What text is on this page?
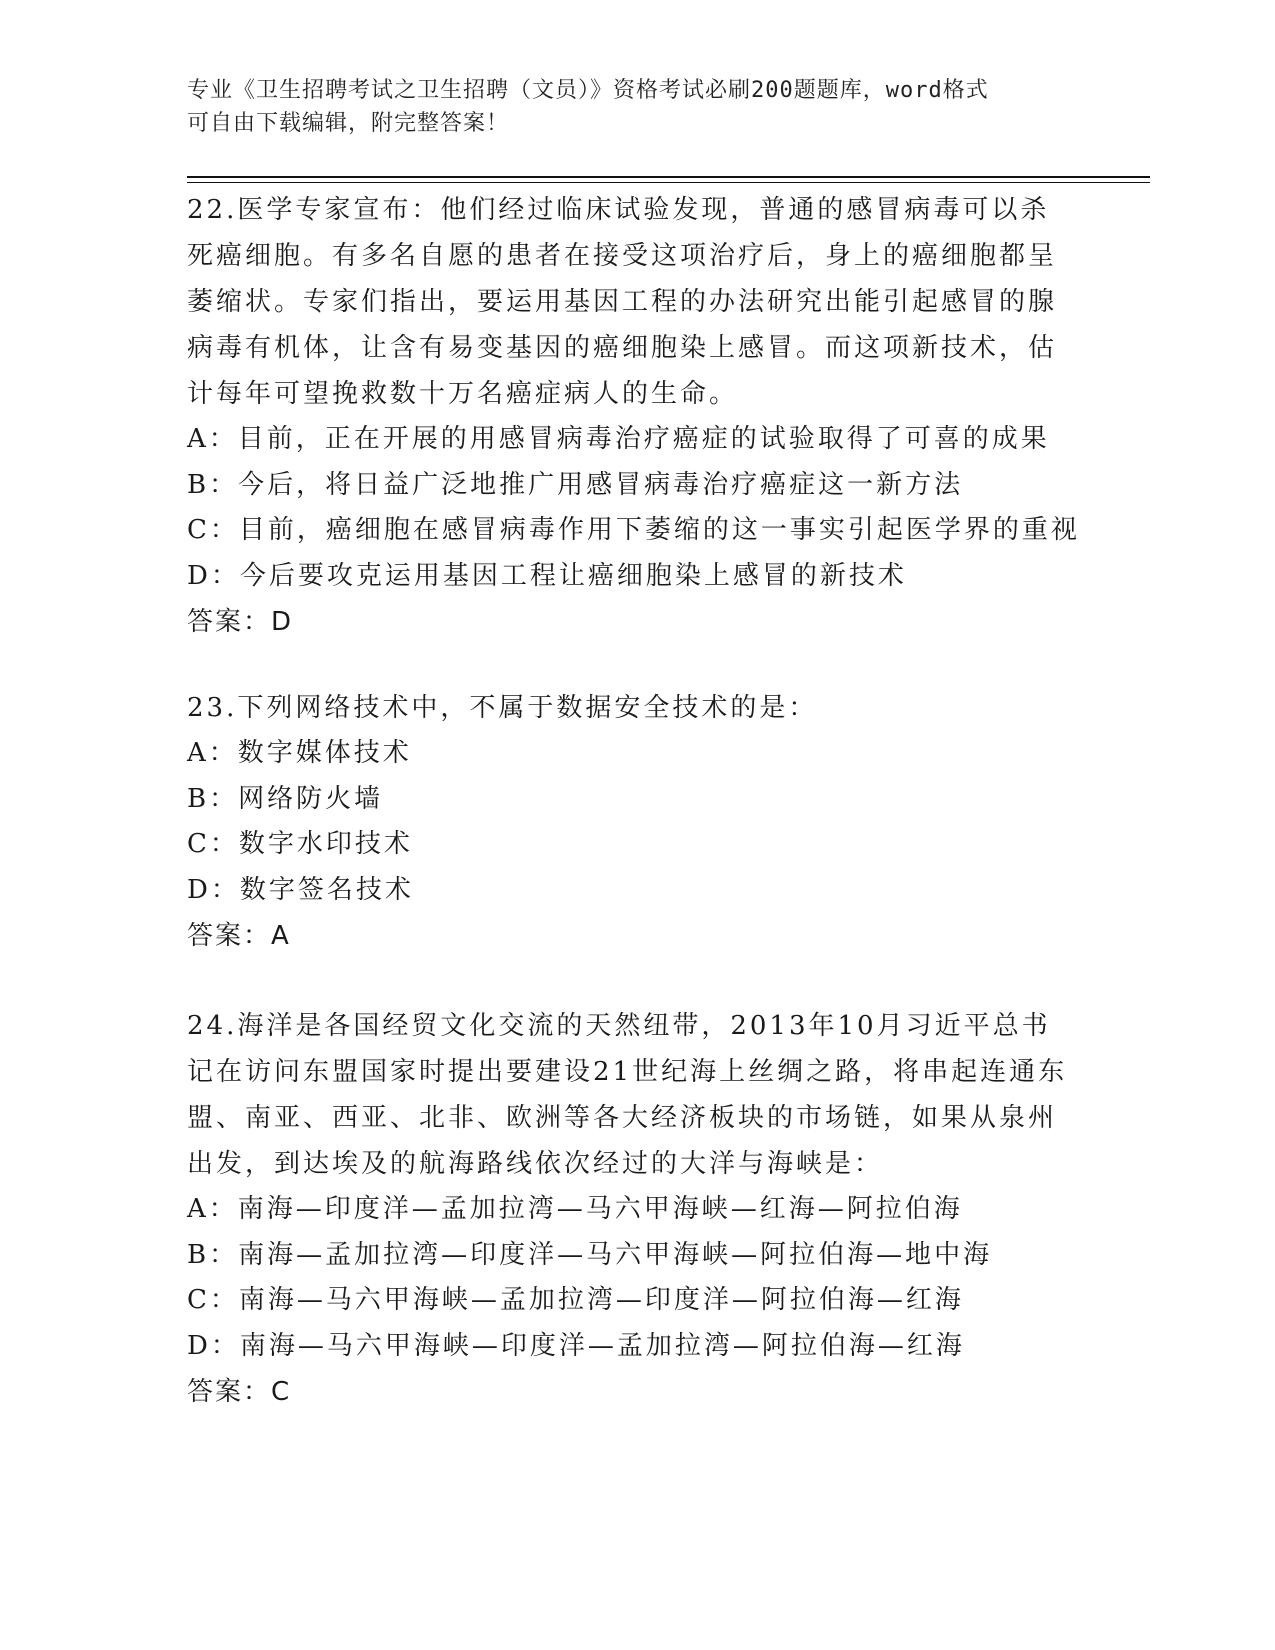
专业《卫生招聘考试之卫生招聘（文员）》资格考试必刷200题题库，word格式
可自由下载编辑，附完整答案！

22.医学专家宣布：他们经过临床试验发现，普通的感冒病毒可以杀死癌细胞。有多名自愿的患者在接受这项治疗后，身上的癌细胞都呈萎缩状。专家们指出，要运用基因工程的办法研究出能引起感冒的腺病毒有机体，让含有易变基因的癌细胞染上感冒。而这项新技术，估计每年可望挽救数十万名癌症病人的生命。

A：目前，正在开展的用感冒病毒治疗癌症的试验取得了可喜的成果
B：今后，将日益广泛地推广用感冒病毒治疗癌症这一新方法
C：目前，癌细胞在感冒病毒作用下萎缩的这一事实引起医学界的重视
D：今后要攻克运用基因工程让癌细胞染上感冒的新技术
答案：D

23.下列网络技术中，不属于数据安全技术的是：

A：数字媒体技术
B：网络防火墙
C：数字水印技术
D：数字签名技术
答案：A

24.海洋是各国经贸文化交流的天然纽带，2013年10月习近平总书记在访问东盟国家时提出要建设21世纪海上丝绸之路，将串起连通东盟、南亚、西亚、北非、欧洲等各大经济板块的市场链，如果从泉州出发，到达埃及的航海路线依次经过的大洋与海峡是：

A：南海—印度洋—孟加拉湾—马六甲海峡—红海—阿拉伯海
B：南海—孟加拉湾—印度洋—马六甲海峡—阿拉伯海—地中海
C：南海—马六甲海峡—孟加拉湾—印度洋—阿拉伯海—红海
D：南海—马六甲海峡—印度洋—孟加拉湾—阿拉伯海—红海
答案：C
